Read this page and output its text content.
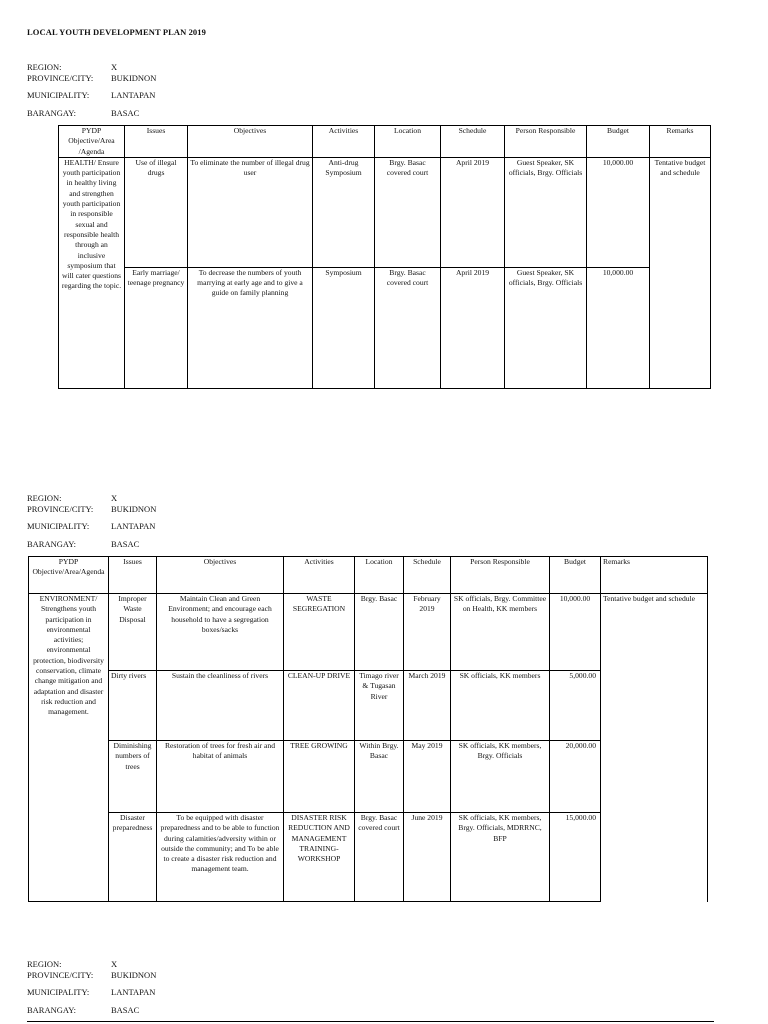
LOCAL YOUTH DEVELOPMENT PLAN 2019
REGION:	X
PROVINCE/CITY:	BUKIDNON
MUNICIPALITY:	LANTAPAN
BARANGAY:	BASAC
PYDP Objective/Area /Agenda	Issues	Objectives	Activities	Location	Schedule	Person Responsible	Budget	Remarks
HEALTH/ Ensure youth participation in healthy living and strengthen youth participation in responsible sexual and responsible health through an inclusive symposium that will cater questions regarding the topic.	Use of illegal drugs	To eliminate the number of illegal drug user	Anti-drug Symposium	Brgy. Basac covered court	April 2019	Guest Speaker, SK officials, Brgy. Officials	10,000.00	Tentative budget and schedule
	Early marriage/ teenage pregnancy	To decrease the numbers of youth marrying at early age and to give a guide on family planning	Symposium	Brgy. Basac covered court	April 2019	Guest Speaker, SK officials, Brgy. Officials	10,000.00	
REGION:	X
PROVINCE/CITY:	BUKIDNON
MUNICIPALITY:	LANTAPAN
BARANGAY:	BASAC
PYDP Objective/Area/Agenda	Issues	Objectives	Activities	Location	Schedule	Person Responsible	Budget	Remarks
ENVIRONMENT/ Strengthens youth participation in environmental activities; environmental protection, biodiversity conservation, climate change mitigation and adaptation and disaster risk reduction and management.	Improper Waste Disposal	Maintain Clean and Green Environment; and encourage each household to have a segregation boxes/sacks	WASTE SEGREGATION	Brgy. Basac	February 2019	SK officials, Brgy. Committee on Health, KK members	10,000.00	Tentative budget and schedule
	Dirty rivers	Sustain the cleanliness of rivers	CLEAN-UP DRIVE	Timago river & Tugasan River	March 2019	SK officials, KK members	5,000.00	
	Diminishing numbers of trees	Restoration of trees for fresh air and habitat of animals	TREE GROWING	Within Brgy. Basac	May 2019	SK officials, KK members, Brgy. Officials	20,000.00	
	Disaster preparedness	To be equipped with disaster preparedness and to be able to function during calamities/adversity within or outside the community; and To be able to create a disaster risk reduction and management team.	DISASTER RISK REDUCTION AND MANAGEMENT TRAINING-WORKSHOP	Brgy. Basac covered court	June 2019	SK officials, KK members, Brgy. Officials, MDRRNC, BFP	15,000.00	
REGION:	X
PROVINCE/CITY:	BUKIDNON
MUNICIPALITY:	LANTAPAN
BARANGAY:	BASAC
